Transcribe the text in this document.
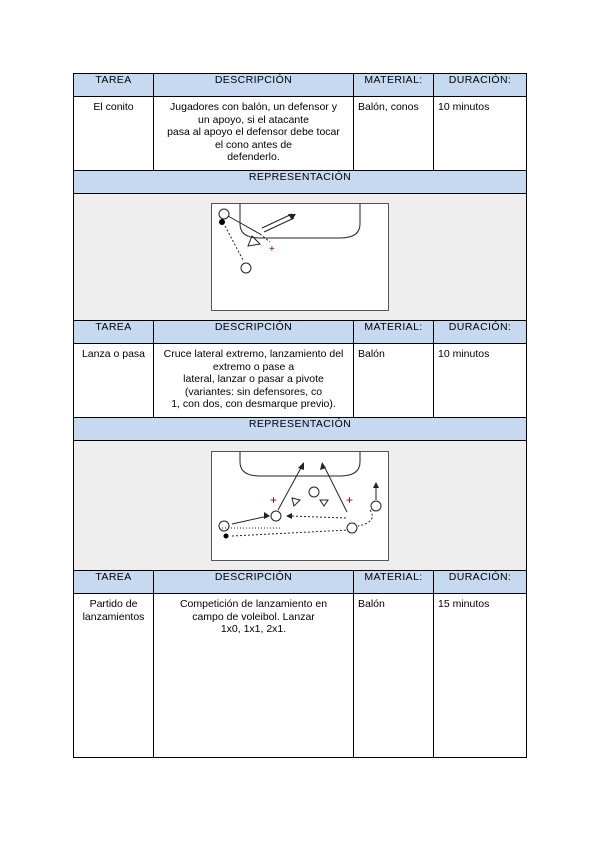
TAREA	DESCRIPCIÓN	MATERIAL:	DURACIÓN:
El conito	Jugadores con balón, un defensor y
un apoyo, si el atacante
pasa al apoyo el defensor debe tocar
el cono antes de
defenderlo.	Balón, conos	10 minutos
REPRESENTACIÓN			

+			

TAREA	DESCRIPCIÓN	MATERIAL:	DURACIÓN:
Lanza o pasa	Cruce lateral extremo, lanzamiento del
extremo o pase a
lateral, lanzar o pasar a pivote
(variantes: sin defensores, co
1, con dos, con desmarque previo).	Balón	10 minutos
REPRESENTACIÓN			

+ +			

TAREA	DESCRIPCIÓN	MATERIAL:	DURACIÓN:
Partido de lanzamientos	Competición de lanzamiento en
campo de voleibol. Lanzar
1x0, 1x1, 2x1.	Balón	15 minutos
